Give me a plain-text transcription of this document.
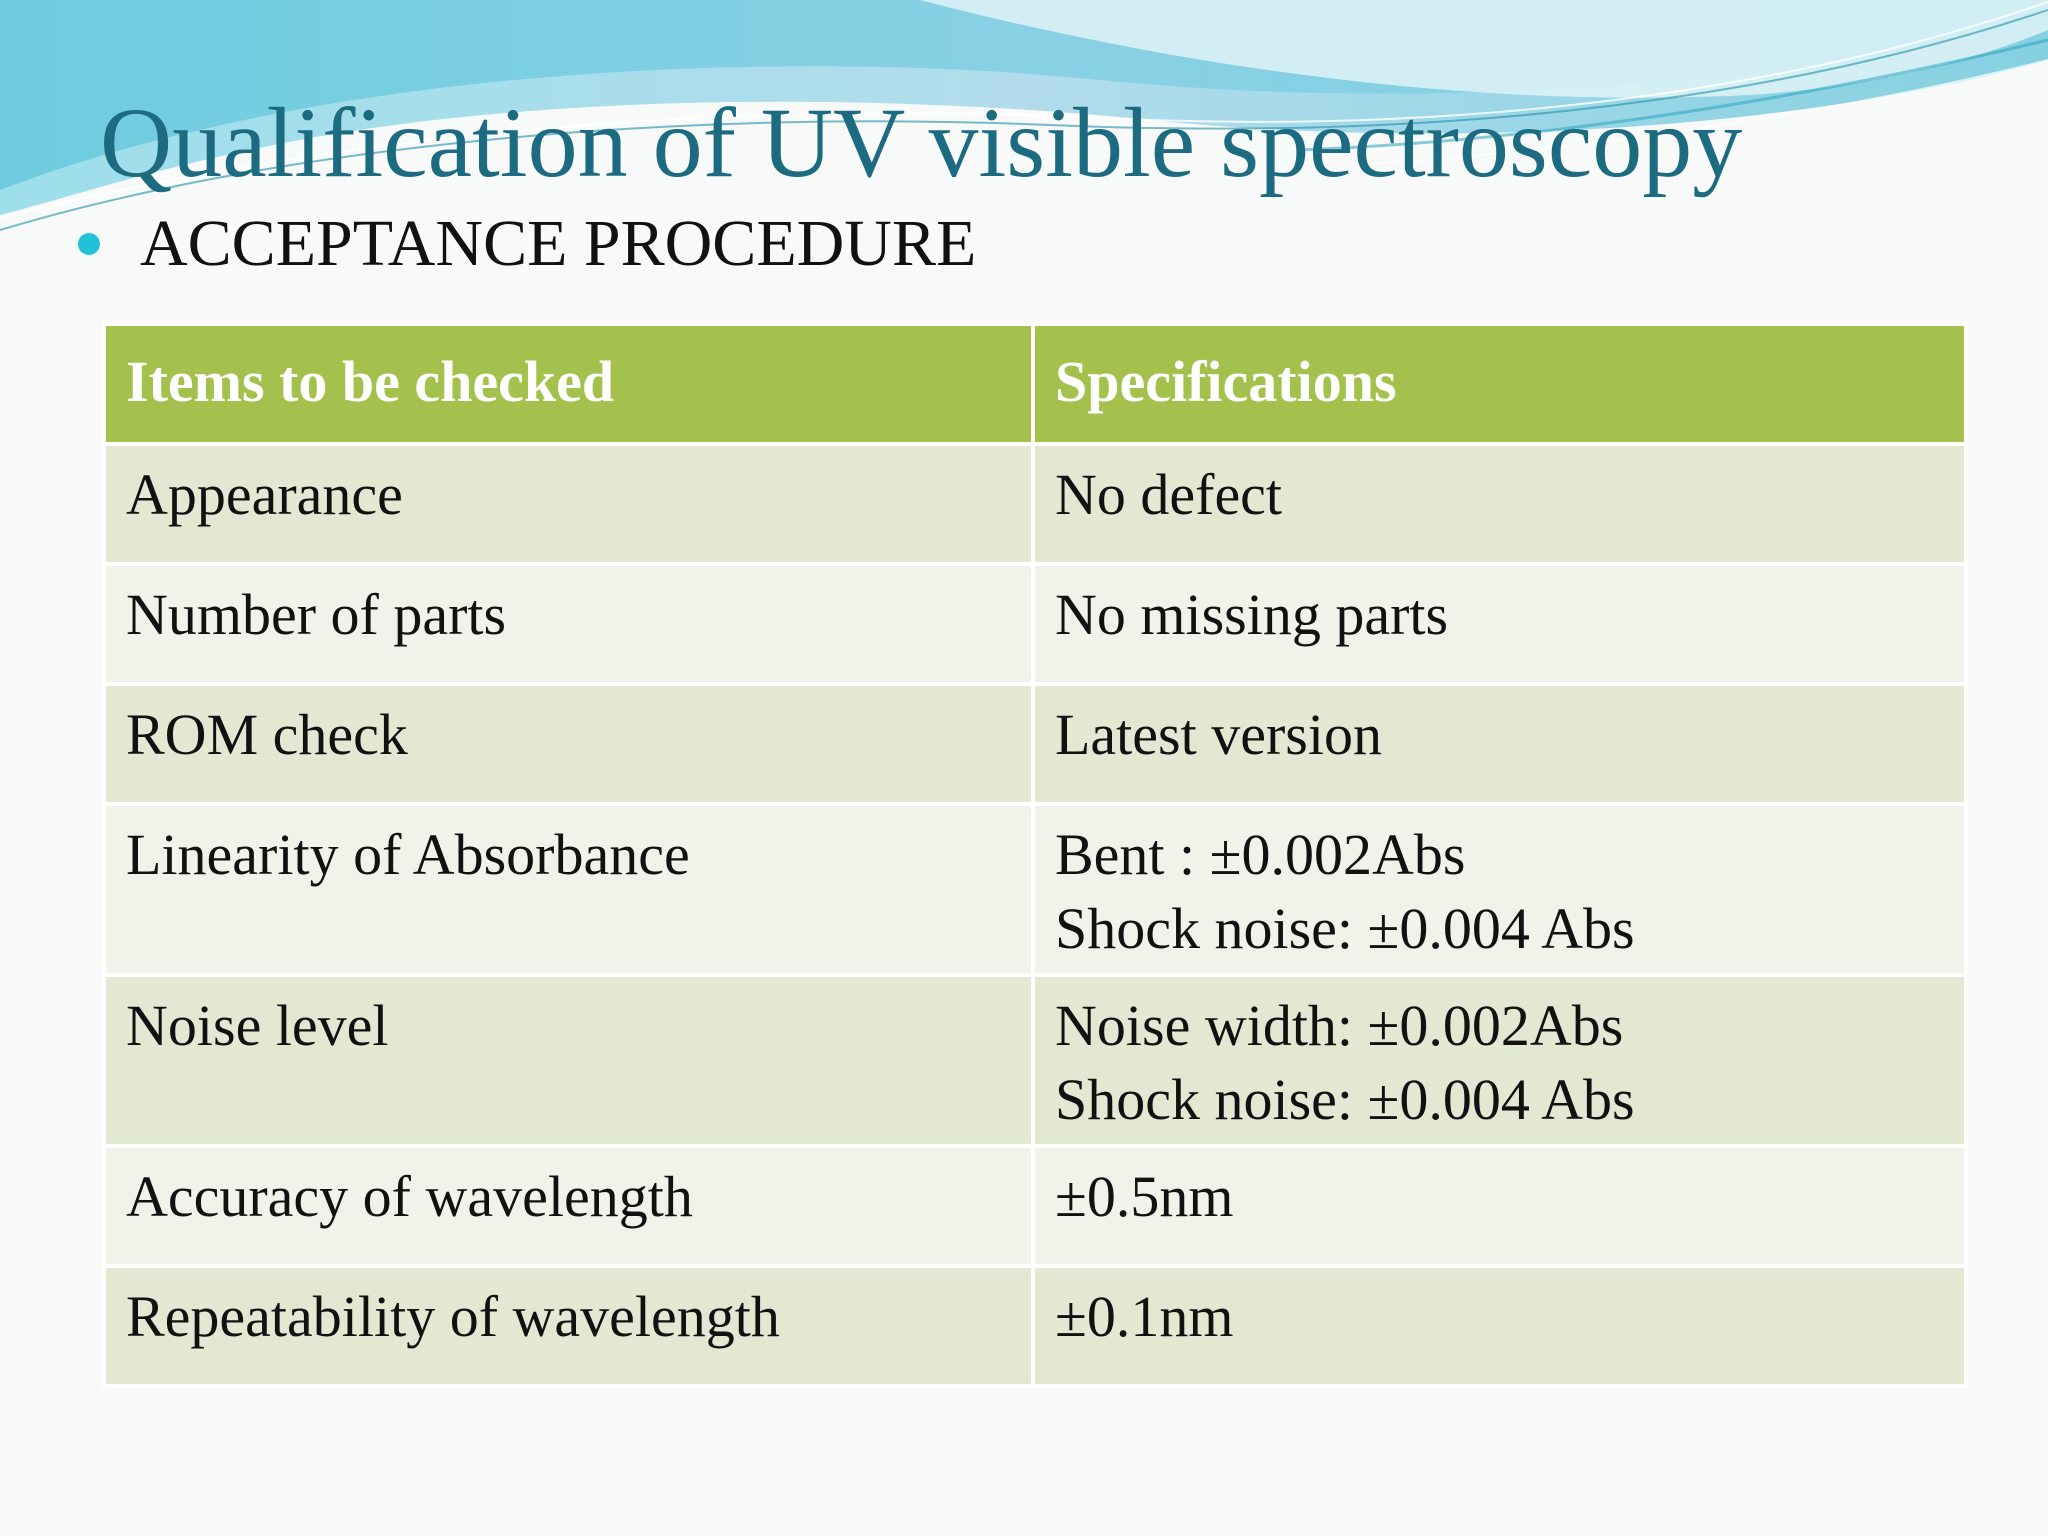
Qualification of UV visible spectroscopy
ACCEPTANCE PROCEDURE
Items to be checked	Specifications
Appearance	No defect

Number of parts	No missing parts

ROM check	Latest version

Linearity of Absorbance	Bent : ±0.002Abs
Shock noise: ±0.004 Abs

Noise level	Noise width: ±0.002Abs
Shock noise: ±0.004 Abs

Accuracy of wavelength	±0.5nm

Repeatability of wavelength	±0.1nm
